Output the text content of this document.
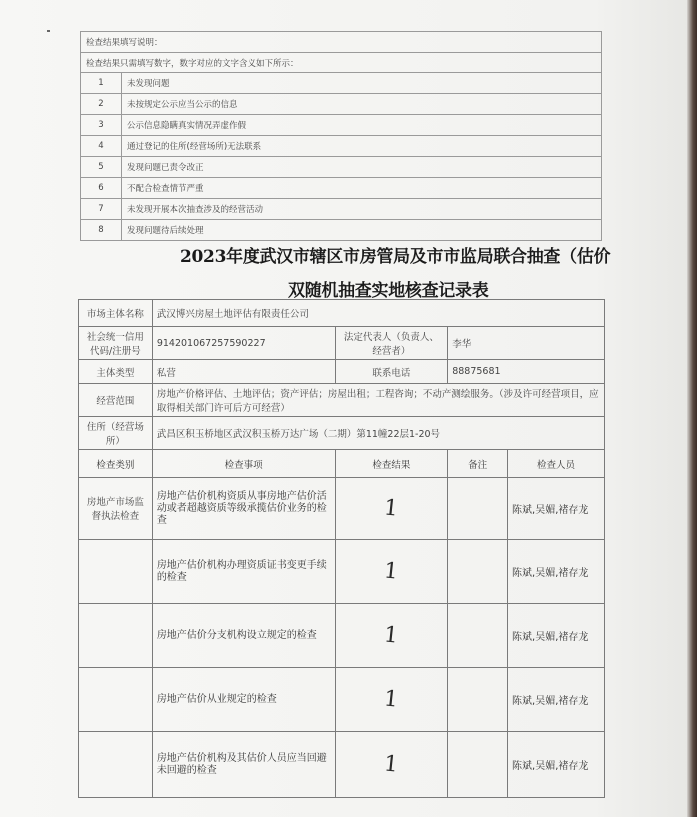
检查结果填写说明：	
检查结果只需填写数字，数字对应的文字含义如下所示：	
1	未发现问题
2	未按规定公示应当公示的信息
3	公示信息隐瞒真实情况弄虚作假
4	通过登记的住所(经营场所)无法联系
5	发现问题已责令改正
6	不配合检查情节严重
7	未发现开展本次抽查涉及的经营活动
8	发现问题待后续处理
2023年度武汉市辖区市房管局及市市监局联合抽查（估价
双随机抽查实地核查记录表
市场主体名称	武汉博兴房屋土地评估有限责任公司			
社会统一信用代码/注册号	914201067257590227	法定代表人（负责人、经营者）	李华	
主体类型	私营	联系电话	88875681	
经营范围	房地产价格评估、土地评估；资产评估；房屋出租；工程咨询；不动产测绘服务。（涉及许可经营项目，应取得相关部门许可后方可经营）			
住所（经营场所）	武昌区积玉桥地区武汉积玉桥万达广场（二期）第11幢22层1-20号			
检查类别	检查事项	检查结果	备注	检查人员
房地产市场监督执法检查	房地产估价机构资质从事房地产估价活动或者超越资质等级承揽估价业务的检查	1		陈斌,吴媚,褚存龙
	房地产估价机构办理资质证书变更手续的检查	1		陈斌,吴媚,褚存龙
	房地产估价分支机构设立规定的检查	1		陈斌,吴媚,褚存龙
	房地产估价从业规定的检查	1		陈斌,吴媚,褚存龙
	房地产估价机构及其估价人员应当回避未回避的检查	1		陈斌,吴媚,褚存龙
